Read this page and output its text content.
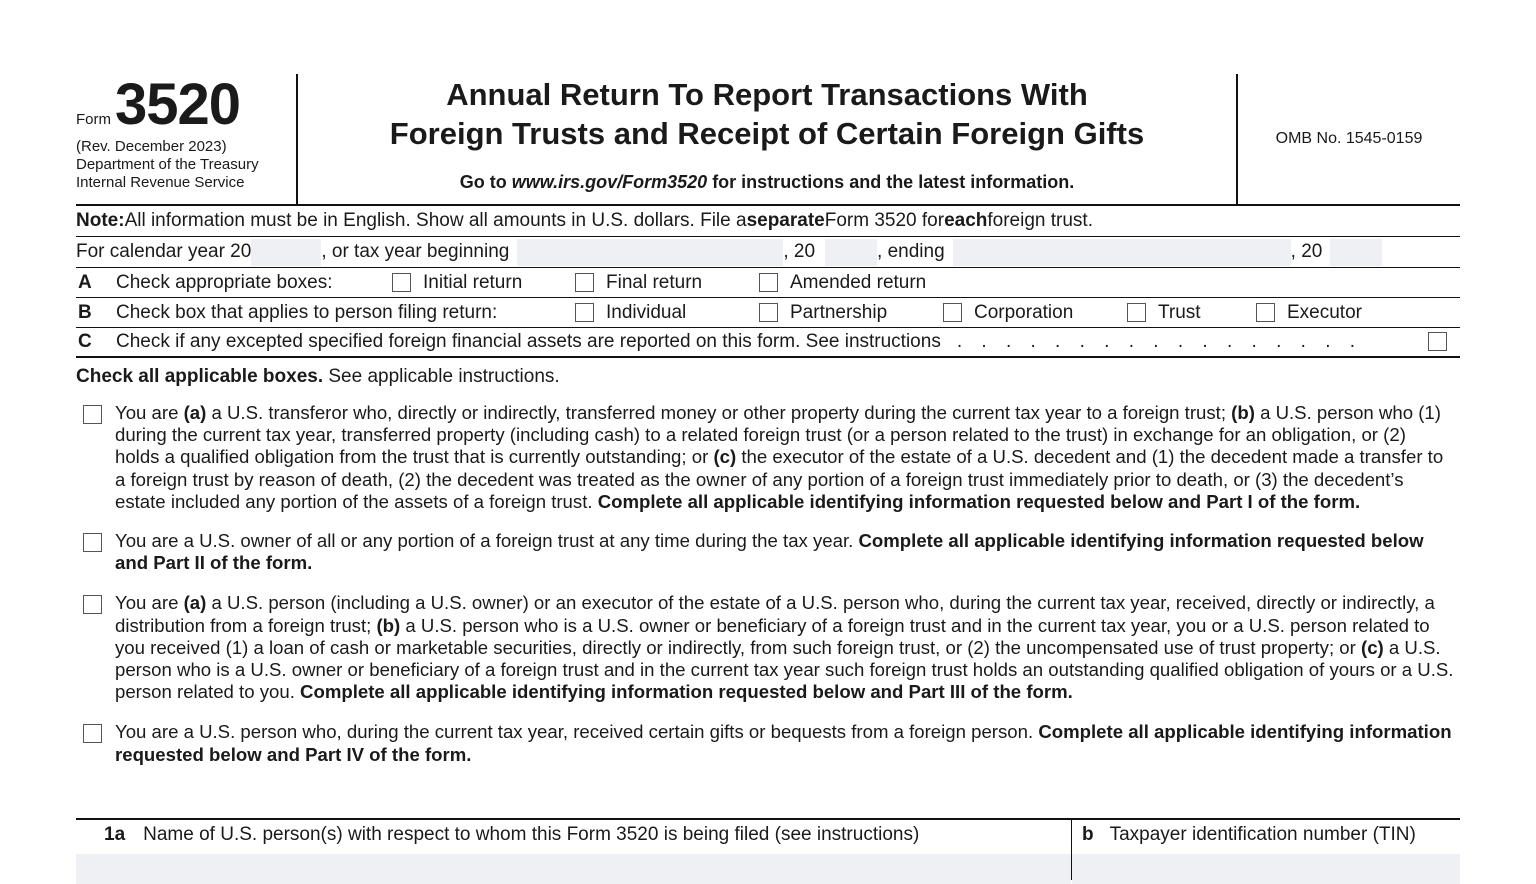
Form 3520
(Rev. December 2023)
Department of the Treasury
Internal Revenue Service
Annual Return To Report Transactions With
Foreign Trusts and Receipt of Certain Foreign Gifts
Go to www.irs.gov/Form3520 for instructions and the latest information.
OMB No. 1545-0159
Note: All information must be in English. Show all amounts in U.S. dollars. File a separate Form 3520 for each foreign trust.
For calendar year 20	, or tax year beginning	, 20	, ending	, 20
A	Check appropriate boxes:	Initial return	Final return	Amended return
B	Check box that applies to person filing return:	Individual	Partnership	Corporation	Trust	Executor
C	Check if any excepted specified foreign financial assets are reported on this form. See instructions . . . . . . . . . . . . . . . . .
Check all applicable boxes. See applicable instructions.
You are (a) a U.S. transferor who, directly or indirectly, transferred money or other property during the current tax year to a foreign trust; (b) a U.S. person who (1) during the current tax year, transferred property (including cash) to a related foreign trust (or a person related to the trust) in exchange for an obligation, or (2) holds a qualified obligation from the trust that is currently outstanding; or (c) the executor of the estate of a U.S. decedent and (1) the decedent made a transfer to a foreign trust by reason of death, (2) the decedent was treated as the owner of any portion of a foreign trust immediately prior to death, or (3) the decedent’s estate included any portion of the assets of a foreign trust. Complete all applicable identifying information requested below and Part I of the form.
You are a U.S. owner of all or any portion of a foreign trust at any time during the tax year. Complete all applicable identifying information requested below and Part II of the form.
You are (a) a U.S. person (including a U.S. owner) or an executor of the estate of a U.S. person who, during the current tax year, received, directly or indirectly, a distribution from a foreign trust; (b) a U.S. person who is a U.S. owner or beneficiary of a foreign trust and in the current tax year, you or a U.S. person related to you received (1) a loan of cash or marketable securities, directly or indirectly, from such foreign trust, or (2) the uncompensated use of trust property; or (c) a U.S. person who is a U.S. owner or beneficiary of a foreign trust and in the current tax year such foreign trust holds an outstanding qualified obligation of yours or a U.S. person related to you. Complete all applicable identifying information requested below and Part III of the form.
You are a U.S. person who, during the current tax year, received certain gifts or bequests from a foreign person. Complete all applicable identifying information requested below and Part IV of the form.
1a Name of U.S. person(s) with respect to whom this Form 3520 is being filed (see instructions)	b Taxpayer identification number (TIN)
